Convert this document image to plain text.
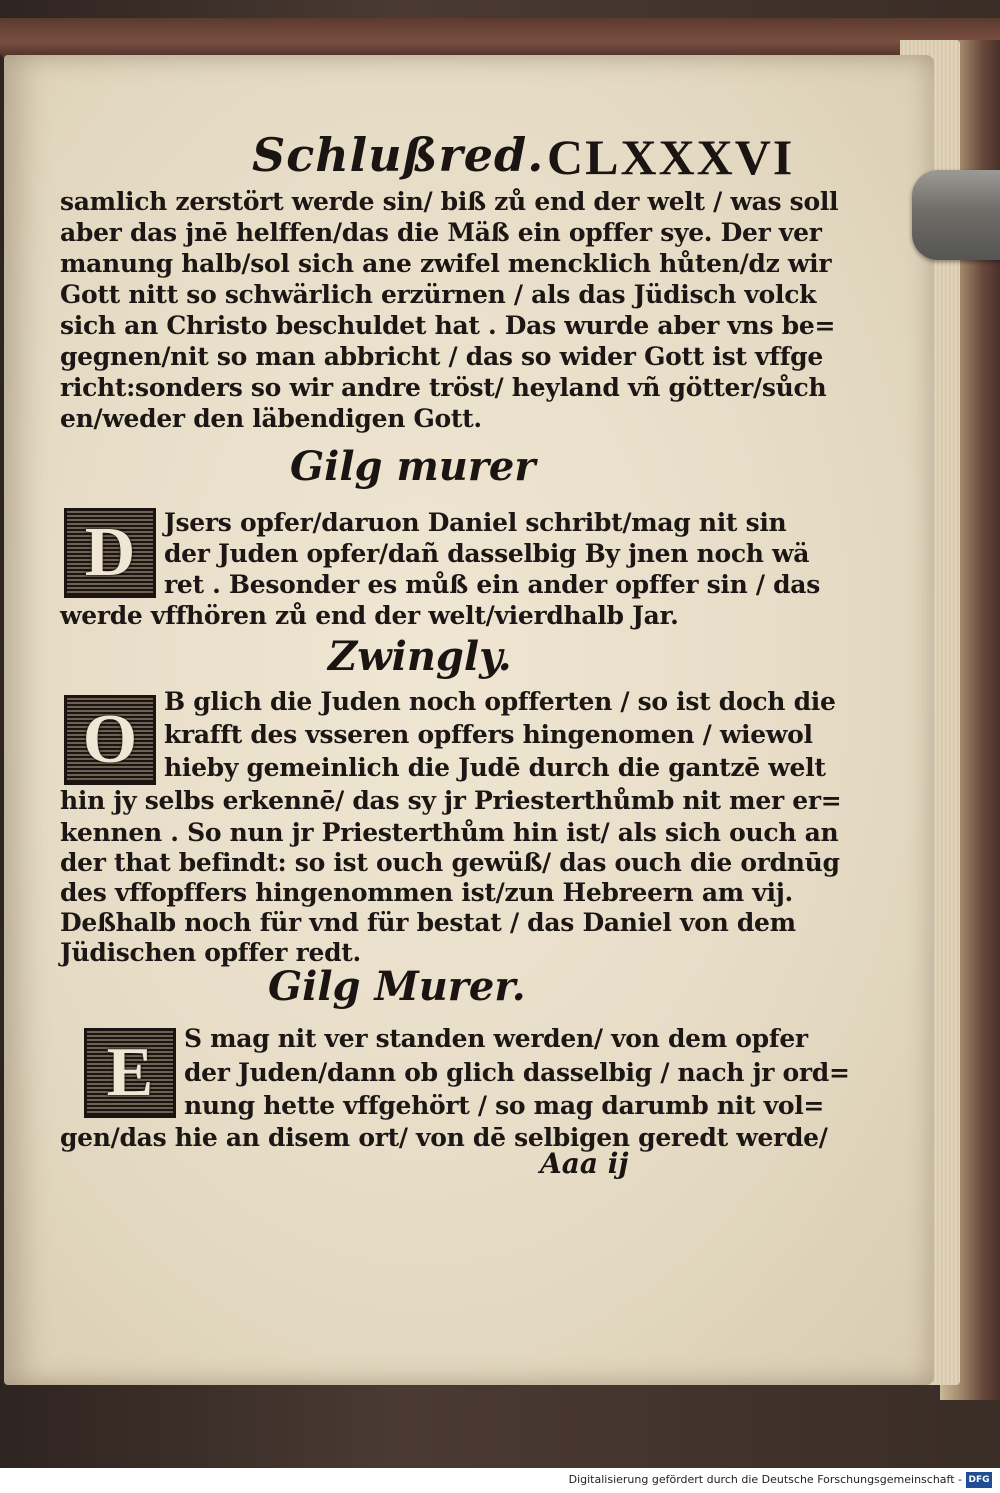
Schlußred. CLXXXVI
samlich zerstört werde sin/ biß zů end der welt / was soll
aber das jnē helffen/das die Mäß ein opffer sye. Der ver
manung halb/sol sich ane zwifel mencklich hůten/dz wir
Gott nitt so schwärlich erzürnen / als das Jüdisch volck
sich an Christo beschuldet hat . Das wurde aber vns be=
gegnen/nit so man abbricht / das so wider Gott ist vffge
richt:sonders so wir andre tröst/ heyland vñ götter/sůch
en/weder den läbendigen Gott.
Gilg murer
D	Jsers opfer/daruon Daniel schribt/mag nit sin
der Juden opfer/dañ dasselbig By jnen noch wä
ret . Besonder es můß ein ander opffer sin / das
werde vffhören zů end der welt/vierdhalb Jar.
Zwingly.
O	B glich die Juden noch opfferten / so ist doch die
krafft des vsseren opffers hingenomen / wiewol
hieby gemeinlich die Judē durch die gantzē welt
hin jy selbs erkennē/ das sy jr Priesterthůmb nit mer er=
kennen . So nun jr Priesterthům hin ist/ als sich ouch an
der that befindt: so ist ouch gewüß/ das ouch die ordnūg
des vffopffers hingenommen ist/zun Hebreern am vij.
Deßhalb noch für vnd für bestat / das Daniel von dem
Jüdischen opffer redt.
Gilg Murer.
E	S mag nit ver standen werden/ von dem opfer
der Juden/dann ob glich dasselbig / nach jr ord=
nung hette vffgehört / so mag darumb nit vol=
gen/das hie an disem ort/ von dē selbigen geredt werde/
Aaa ij
Digitalisierung gefördert durch die Deutsche Forschungsgemeinschaft - DFG
